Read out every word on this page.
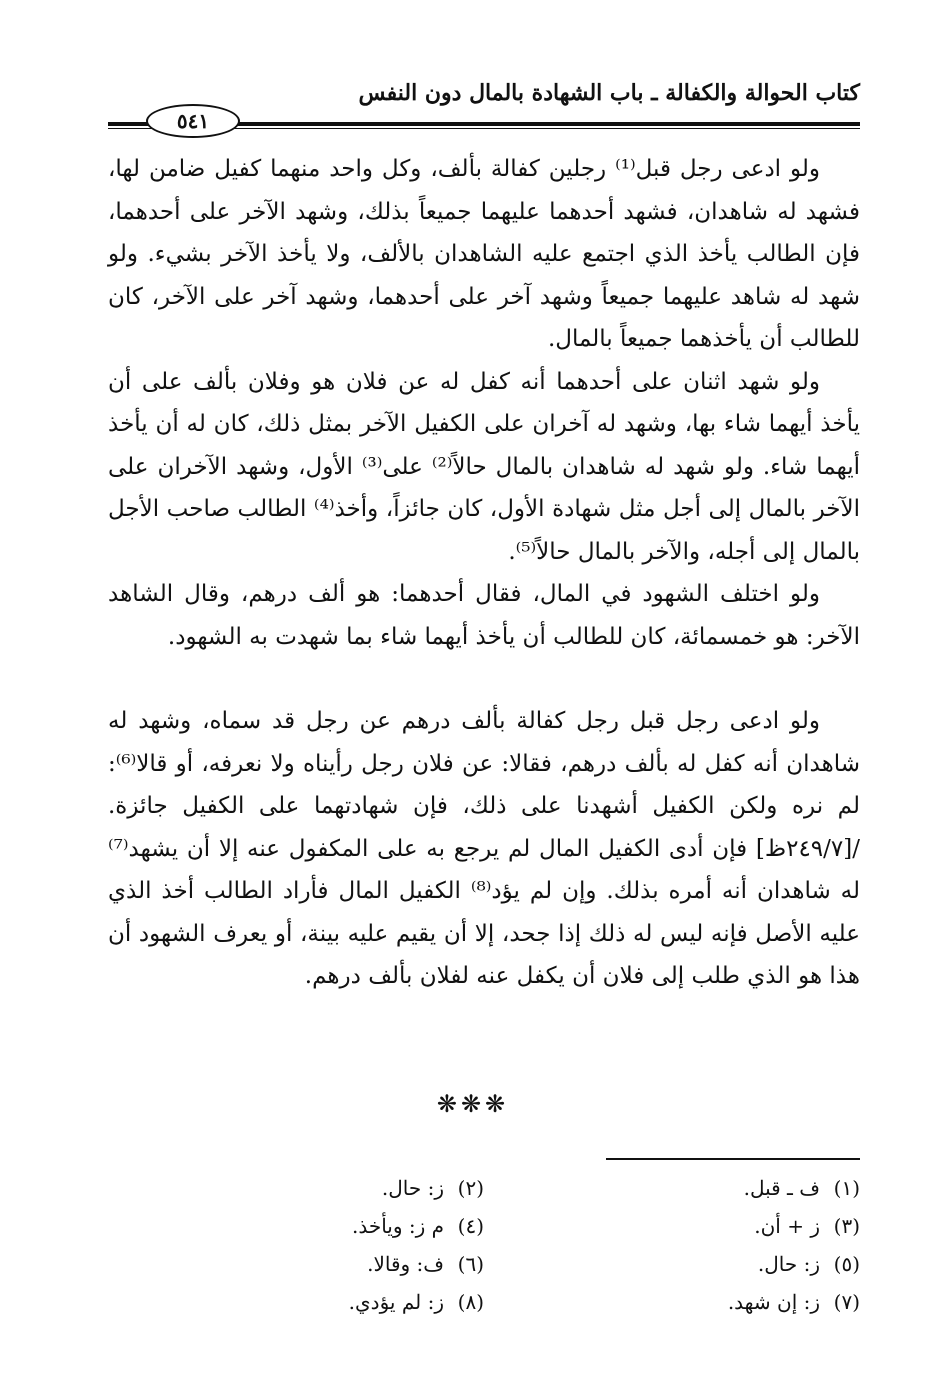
كتاب الحوالة والكفالة ـ باب الشهادة بالمال دون النفس
٥٤١

ولو ادعى رجل قبل⁽¹⁾ رجلين كفالة بألف، وكل واحد منهما كفيل ضامن لها، فشهد له شاهدان، فشهد أحدهما عليهما جميعاً بذلك، وشهد الآخر على أحدهما، فإن الطالب يأخذ الذي اجتمع عليه الشاهدان بالألف، ولا يأخذ الآخر بشيء. ولو شهد له شاهد عليهما جميعاً وشهد آخر على أحدهما، وشهد آخر على الآخر، كان للطالب أن يأخذهما جميعاً بالمال.

ولو شهد اثنان على أحدهما أنه كفل له عن فلان هو وفلان بألف على أن يأخذ أيهما شاء بها، وشهد له آخران على الكفيل الآخر بمثل ذلك، كان له أن يأخذ أيهما شاء. ولو شهد له شاهدان بالمال حالاً⁽²⁾ على⁽³⁾ الأول، وشهد الآخران على الآخر بالمال إلى أجل مثل شهادة الأول، كان جائزاً، وأخذ⁽⁴⁾ الطالب صاحب الأجل بالمال إلى أجله، والآخر بالمال حالاً⁽⁵⁾.

ولو اختلف الشهود في المال، فقال أحدهما: هو ألف درهم، وقال الشاهد الآخر: هو خمسمائة، كان للطالب أن يأخذ أيهما شاء بما شهدت به الشهود.

ولو ادعى رجل قبل رجل كفالة بألف درهم عن رجل قد سماه، وشهد له شاهدان أنه كفل له بألف درهم، فقالا: عن فلان رجل رأيناه ولا نعرفه، أو قالا⁽⁶⁾: لم نره ولكن الكفيل أشهدنا على ذلك، فإن شهادتهما على الكفيل جائزة. /[٢٤٩/٧ظ] فإن أدى الكفيل المال لم يرجع به على المكفول عنه إلا أن يشهد⁽⁷⁾ له شاهدان أنه أمره بذلك. وإن لم يؤد⁽⁸⁾ الكفيل المال فأراد الطالب أخذ الذي عليه الأصل فإنه ليس له ذلك إذا جحد، إلا أن يقيم عليه بينة، أو يعرف الشهود أن هذا هو الذي طلب إلى فلان أن يكفل عنه لفلان بألف درهم.

❋❋❋
(١)ف ـ قبل.
(٢)ز: حال.
(٣)ز + أن.
(٤)م ز: ويأخذ.
(٥)ز: حال.
(٦)ف: وقالا.
(٧)ز: إن شهد.
(٨)ز: لم يؤدي.
